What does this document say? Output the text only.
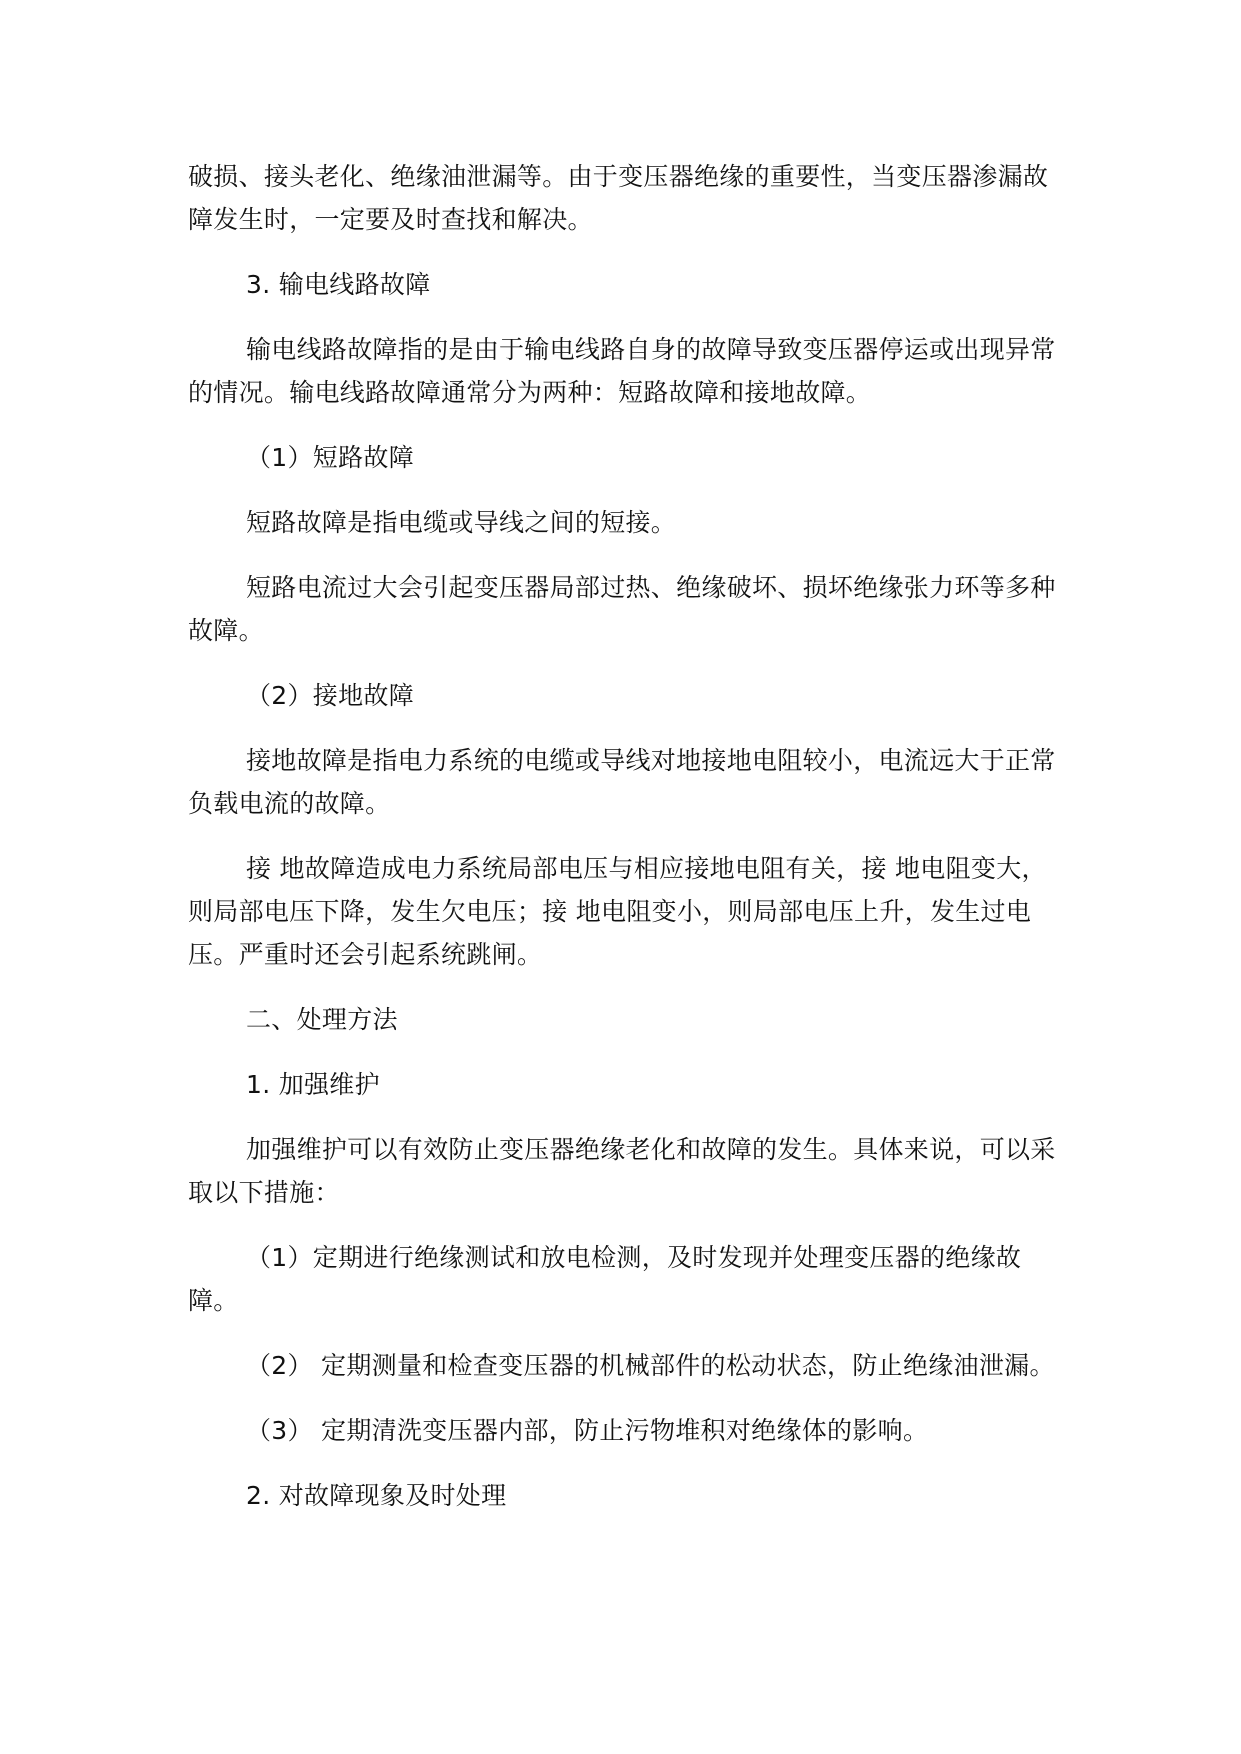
破损、接头老化、绝缘油泄漏等。由于变压器绝缘的重要性，当变压器渗漏故障发生时，一定要及时查找和解决。

3. 输电线路故障

输电线路故障指的是由于输电线路自身的故障导致变压器停运或出现异常的情况。输电线路故障通常分为两种：短路故障和接地故障。

（1）短路故障

短路故障是指电缆或导线之间的短接。

短路电流过大会引起变压器局部过热、绝缘破坏、损坏绝缘张力环等多种故障。

（2）接地故障

接地故障是指电力系统的电缆或导线对地接地电阻较小，电流远大于正常负载电流的故障。

接 地故障造成电力系统局部电压与相应接地电阻有关，接 地电阻变大，则局部电压下降，发生欠电压；接 地电阻变小，则局部电压上升，发生过电压。严重时还会引起系统跳闸。

二、处理方法

1. 加强维护

加强维护可以有效防止变压器绝缘老化和故障的发生。具体来说，可以采取以下措施：

（1）定期进行绝缘测试和放电检测，及时发现并处理变压器的绝缘故障。

（2） 定期测量和检查变压器的机械部件的松动状态，防止绝缘油泄漏。

（3） 定期清洗变压器内部，防止污物堆积对绝缘体的影响。

2. 对故障现象及时处理
